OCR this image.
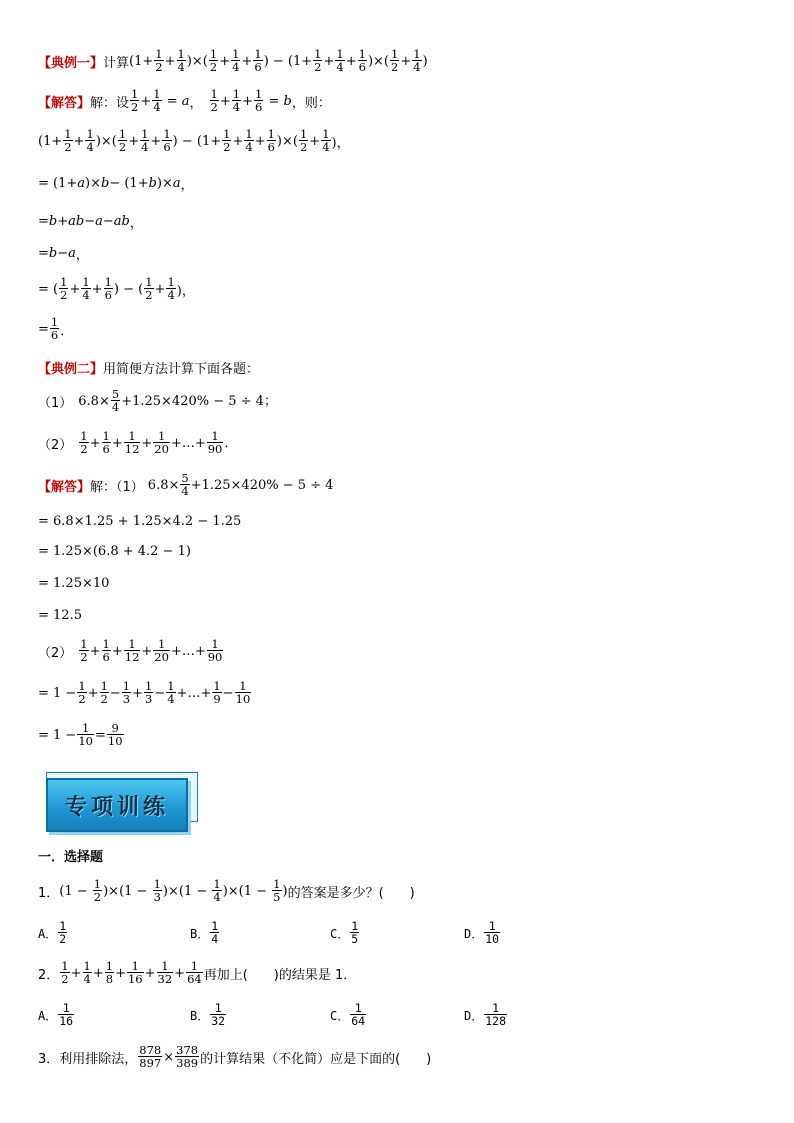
【典例一】 计算 ($1+ \frac{1}{2} + \frac{1}{4}$ )×( $\frac{1}{2} + \frac{1}{4} + \frac{1}{6}$ ) − ($1+ \frac{1}{2} + \frac{1}{4} + \frac{1}{6}$ )×( $\frac{1}{2} + \frac{1}{4}$ )
【解答】 解：设 $\frac{1}{2} + \frac{1}{4} = a$ ， $\frac{1}{2} + \frac{1}{4} + \frac{1}{6} = b$ ，则：
($1+ \frac{1}{2} + \frac{1}{4}$ )×( $\frac{1}{2} + \frac{1}{4} + \frac{1}{6}$ ) − ($1+ \frac{1}{2} + \frac{1}{4} + \frac{1}{6}$ )×( $\frac{1}{2} + \frac{1}{4}$ )，
= (1+ a )× b − (1+ b )× a ，
= b + ab − a − ab ，
= b − a ，
= ( $\frac{1}{2} + \frac{1}{4} + \frac{1}{6}$ ) − ( $\frac{1}{2} + \frac{1}{4}$ )，
= $\frac{1}{6}$ ．
【典例二】 用简便方法计算下面各题：
（1） $6.8\times \frac{5}{4} +1.25\times 420\% - 5 \div 4$；
$(2) \frac{1}{2} + \frac{1}{6} + \frac{1}{12} + \frac{1}{20}$ +…+ $\frac{1}{90}$ ．
【解答】 解：（1） $6.8\times \frac{5}{4} +1.25\times 420\% - 5 \div 4$
= 6.8×1.25 + 1.25×4.2 − 1.25
= 1.25×(6.8 + 4.2 − 1)
= 1.25×10
= 12.5
$(2) \frac{1}{2} + \frac{1}{6} + \frac{1}{12} + \frac{1}{20}$ +…+ $\frac{1}{90}$
= $1 - \frac{1}{2} + \frac{1}{2} - \frac{1}{3} + \frac{1}{3} - \frac{1}{4}$ +…+ $\frac{1}{9} - \frac{1}{10}$
= $1 - \frac{1}{10} = \frac{9}{10}$
专项训练
一．选择题
1． $(1 - \frac{1}{2} )\times(1 - \frac{1}{3} )\times(1 - \frac{1}{4} )\times(1 - \frac{1}{5}$ ) 的答案是多少？(　　)
A． $\frac{1}{2}$	B． $\frac{1}{4}$	C． $\frac{1}{5}$	D． $\frac{1}{10}$
2． $\frac{1}{2} + \frac{1}{4} + \frac{1}{8} + \frac{1}{16} + \frac{1}{32} + \frac{1}{64}$ 再加上(　　)的结果是 1．
A． $\frac{1}{16}$	B． $\frac{1}{32}$	C． $\frac{1}{64}$	D． $\frac{1}{128}$
3． 利用排除法， $\frac{878}{897} \times \frac{378}{389}$ 的计算结果（不化简）应是下面的(　　)
